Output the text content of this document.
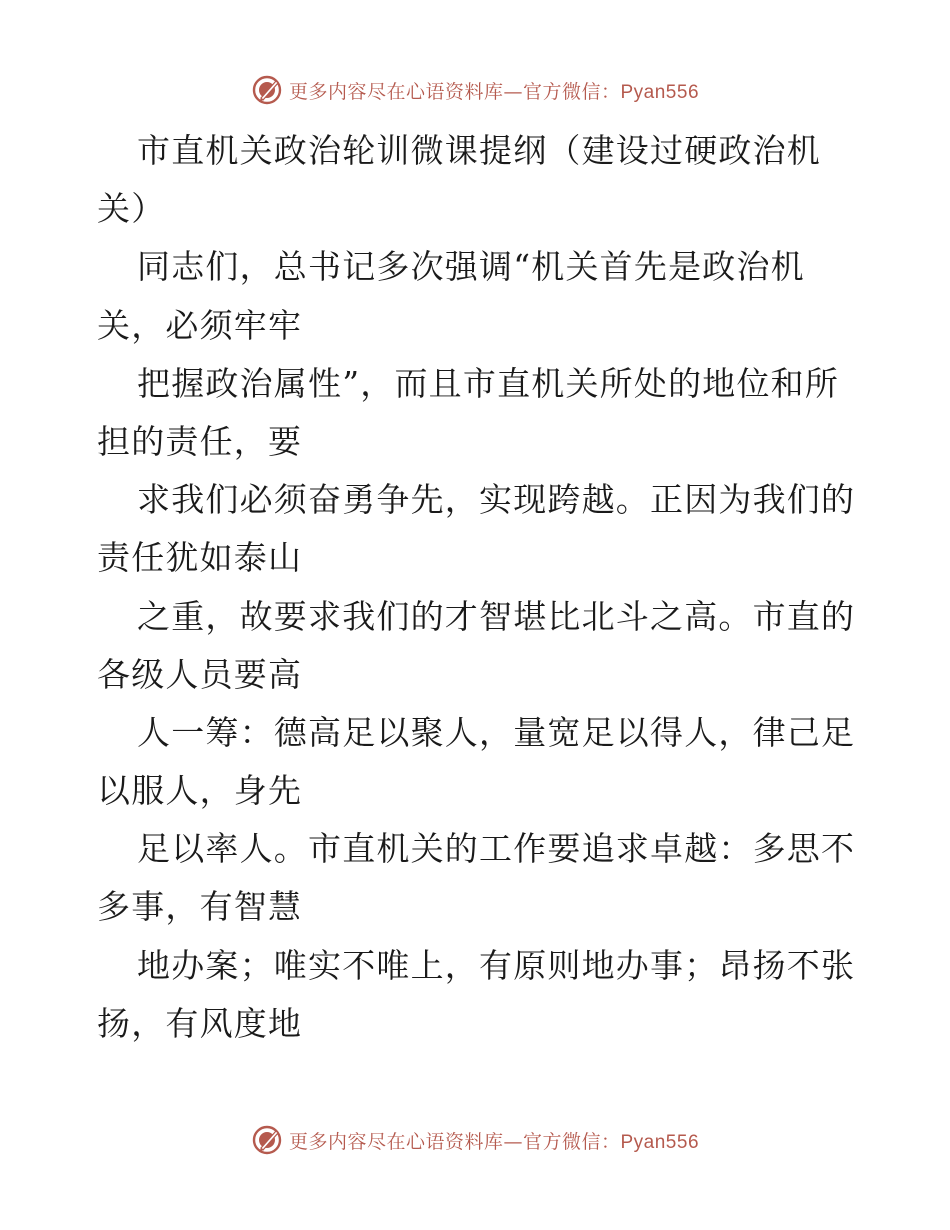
更多内容尽在心语资料库—官方微信：Pyan556
市直机关政治轮训微课提纲（建设过硬政治机
关）
同志们，总书记多次强调“机关首先是政治机
关，必须牢牢
把握政治属性”，而且市直机关所处的地位和所
担的责任，要
求我们必须奋勇争先，实现跨越。正因为我们的
责任犹如泰山
之重，故要求我们的才智堪比北斗之高。市直的
各级人员要高
人一筹：德高足以聚人，量宽足以得人，律己足
以服人，身先
足以率人。市直机关的工作要追求卓越：多思不
多事，有智慧
地办案；唯实不唯上，有原则地办事；昂扬不张
扬，有风度地
更多内容尽在心语资料库—官方微信：Pyan556
